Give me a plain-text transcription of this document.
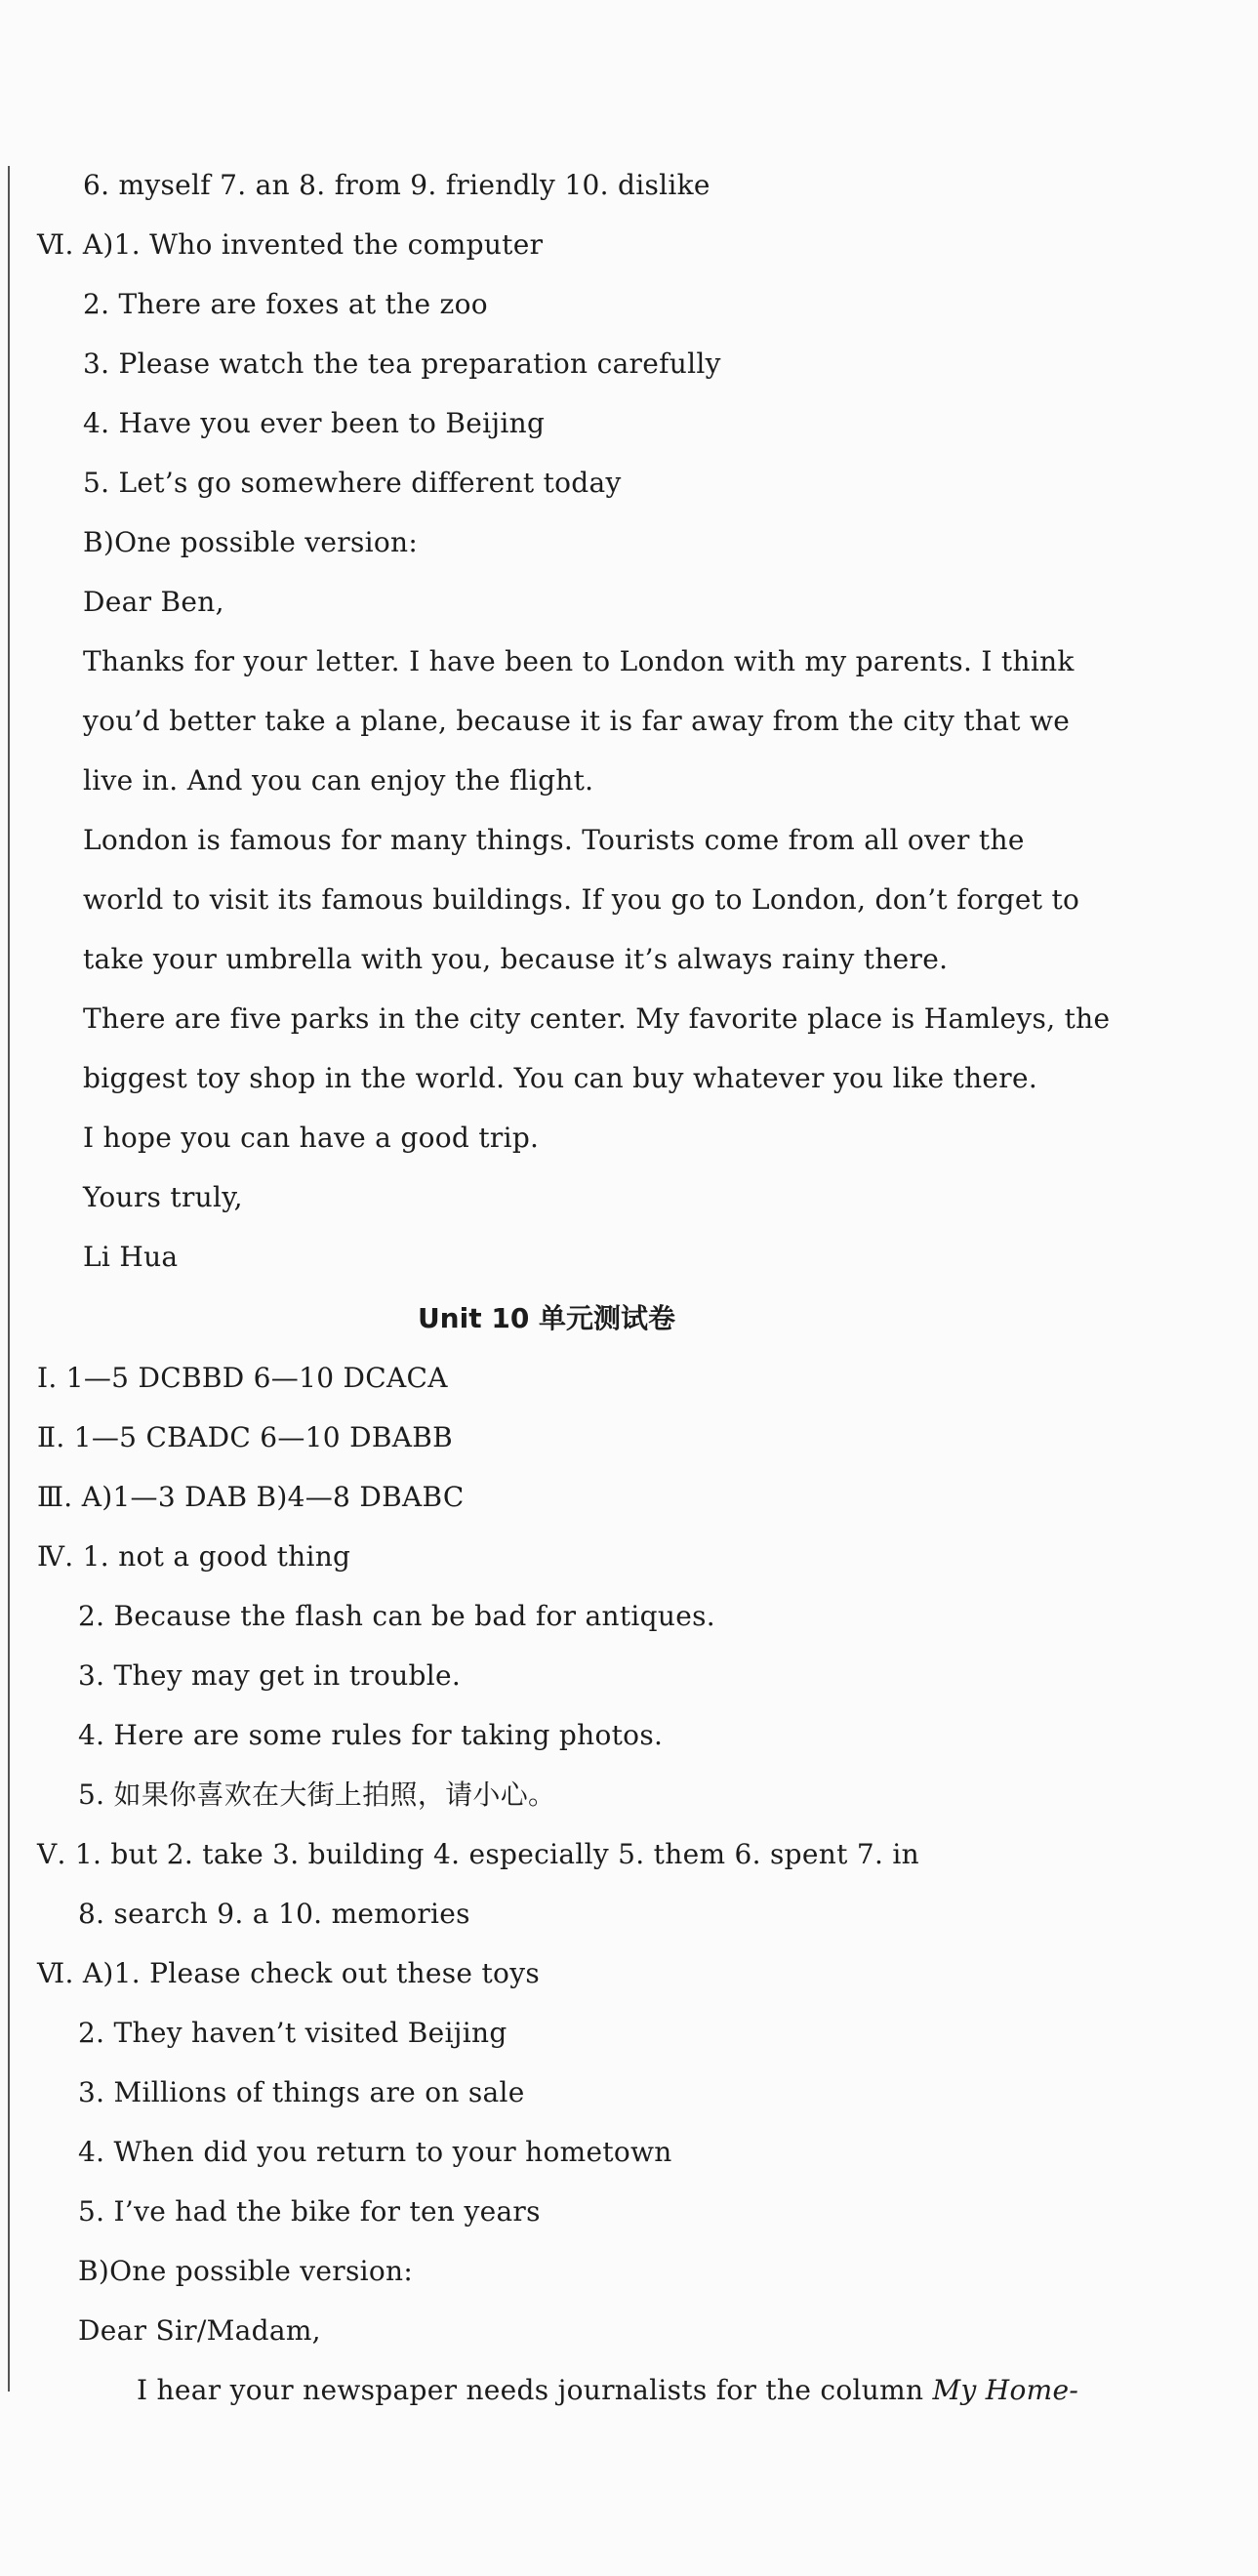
6. myself 7. an 8. from 9. friendly 10. dislike
Ⅵ. A)1. Who invented the computer
2. There are foxes at the zoo
3. Please watch the tea preparation carefully
4. Have you ever been to Beijing
5. Let’s go somewhere different today
B)One possible version:
Dear Ben,
Thanks for your letter. I have been to London with my parents. I think
you’d better take a plane, because it is far away from the city that we
live in. And you can enjoy the flight.
London is famous for many things. Tourists come from all over the
world to visit its famous buildings. If you go to London, don’t forget to
take your umbrella with you, because it’s always rainy there.
There are five parks in the city center. My favorite place is Hamleys, the
biggest toy shop in the world. You can buy whatever you like there.
I hope you can have a good trip.
Yours truly,
Li Hua
Unit 10 单元测试卷
Ⅰ. 1—5 DCBBD 6—10 DCACA
Ⅱ. 1—5 CBADC 6—10 DBABB
Ⅲ. A)1—3 DAB B)4—8 DBABC
Ⅳ. 1. not a good thing
2. Because the flash can be bad for antiques.
3. They may get in trouble.
4. Here are some rules for taking photos.
5. 如果你喜欢在大街上拍照，请小心。
Ⅴ. 1. but 2. take 3. building 4. especially 5. them 6. spent 7. in
8. search 9. a 10. memories
Ⅵ. A)1. Please check out these toys
2. They haven’t visited Beijing
3. Millions of things are on sale
4. When did you return to your hometown
5. I’ve had the bike for ten years
B)One possible version:
Dear Sir/Madam,
I hear your newspaper needs journalists for the column My Home-
